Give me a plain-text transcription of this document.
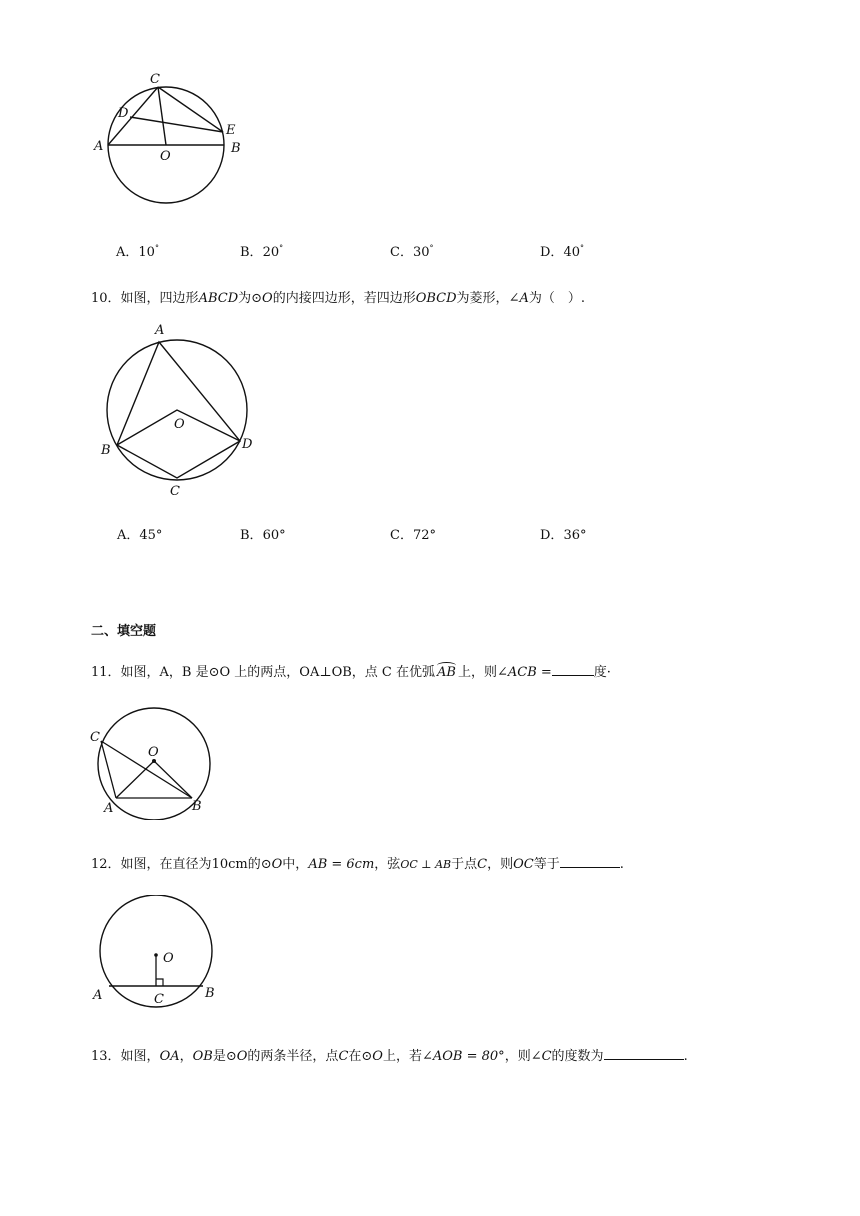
C
D
E
A
O
B
A．10°	B．20°	C．30°	D．40°
10．如图，四边形ABCD为⊙O的内接四边形，若四边形OBCD为菱形，∠A为（　）.
A
O
B	D
C
A．45°	B．60°	C．72°	D．36°
二、填空题
11．如图，A，B 是⊙O 上的两点，OA⊥OB，点 C 在优弧 AB 上，则∠ACB =	度·
C
O
A	B
12．如图，在直径为10cm的⊙O中，AB = 6cm，弦OC ⊥ AB于点C，则OC等于	.
O
A	C	B
13．如图，OA，OB是⊙O的两条半径，点C在⊙O上，若∠AOB = 80°，则∠C的度数为	.
